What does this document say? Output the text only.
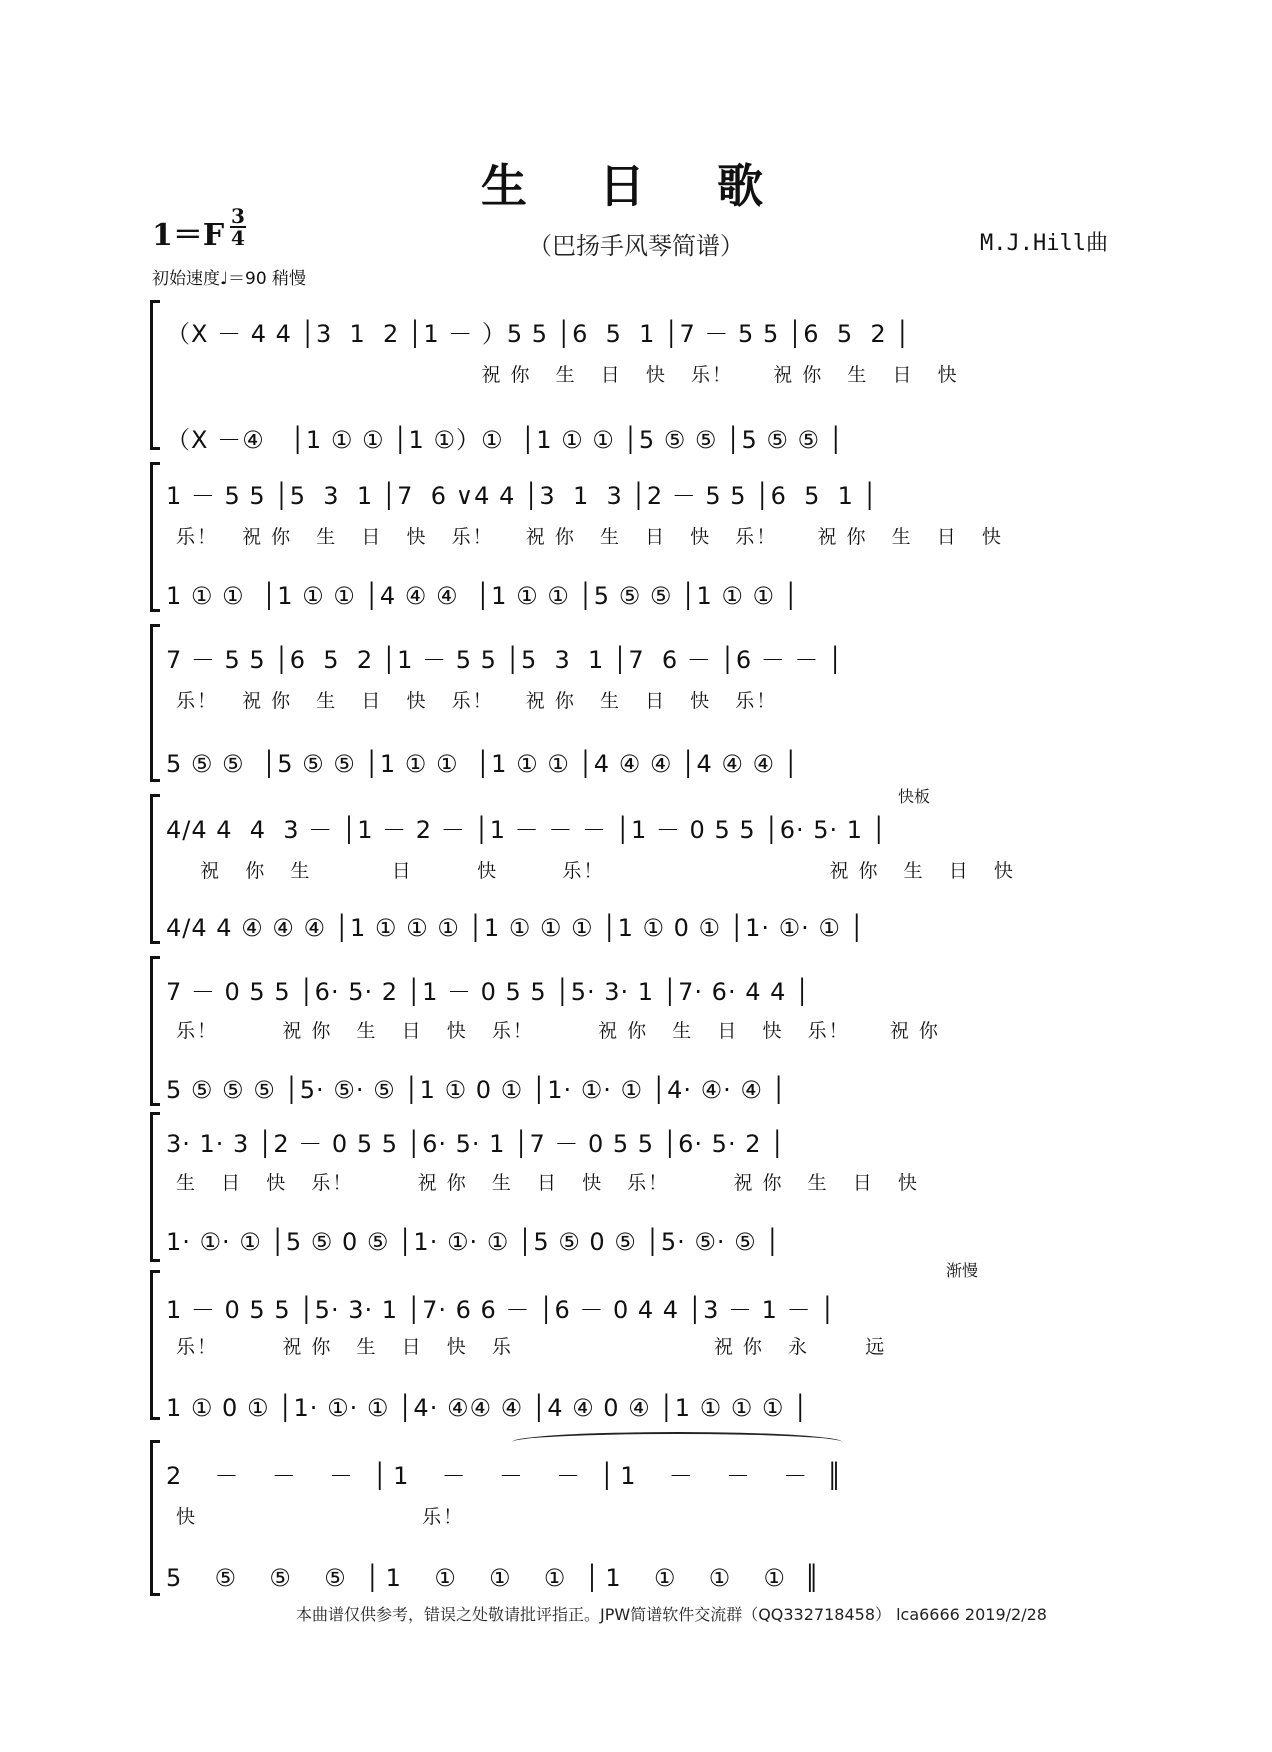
生 日 歌
1＝F
3
4	（巴扬手风琴简谱）	M.J.Hill曲
初始速度♩＝90 稍慢
（X － 4 4 │3  1  2 │1 － ）5 5 │6  5  1 │7 － 5 5 │6  5  2 │
祝 你   生   日   快   乐！     祝 你   生   日   快
（X －④   │1 ① ① │1 ①）①  │1 ① ① │5 ⑤ ⑤ │5 ⑤ ⑤ │
1 － 5 5 │5  3  1 │7  6 ∨4 4 │3  1  3 │2 － 5 5 │6  5  1 │
乐！   祝 你   生   日   快   乐！    祝 你   生   日   快   乐！     祝 你   生   日   快
1 ① ①  │1 ① ① │4 ④ ④  │1 ① ① │5 ⑤ ⑤ │1 ① ① │
7 － 5 5 │6  5  2 │1 － 5 5 │5  3  1 │7  6 － │6 － － │
乐！   祝 你   生   日   快   乐！    祝 你   生   日   快   乐！
5 ⑤ ⑤  │5 ⑤ ⑤ │1 ① ①  │1 ① ① │4 ④ ④ │4 ④ ④ │
快板
4/4 4  4  3 － │1 － 2 － │1 － － － │1 － 0 5 5 │6· 5· 1 │
祝   你   生          日        快        乐！                            祝 你   生   日   快
4/4 4 ④ ④ ④ │1 ① ① ① │1 ① ① ① │1 ① 0 ① │1· ①· ① │
7 － 0 5 5 │6· 5· 2 │1 － 0 5 5 │5· 3· 1 │7· 6· 4 4 │
乐！        祝 你   生   日   快   乐！        祝 你   生   日   快   乐！     祝 你
5 ⑤ ⑤ ⑤ │5· ⑤· ⑤ │1 ① 0 ① │1· ①· ① │4· ④· ④ │
3· 1· 3 │2 － 0 5 5 │6· 5· 1 │7 － 0 5 5 │6· 5· 2 │
生   日   快   乐！        祝 你   生   日   快   乐！        祝 你   生   日   快
1· ①· ① │5 ⑤ 0 ⑤ │1· ①· ① │5 ⑤ 0 ⑤ │5· ⑤· ⑤ │
渐慢
1 － 0 5 5 │5· 3· 1 │7· 6 6 － │6 － 0 4 4 │3 － 1 － │
乐！        祝 你   生   日   快   乐                         祝 你   永       远
1 ① 0 ① │1· ①· ① │4· ④④ ④ │4 ④ 0 ④ │1 ① ① ① │
2  －  －  － │1  －  －  － │1  －  －  － ║
快                            乐！
5  ⑤  ⑤  ⑤ │1  ①  ①  ① │1  ①  ①  ① ║
本曲谱仅供参考，错误之处敬请批评指正。JPW简谱软件交流群（QQ332718458） lca6666 2019/2/28
